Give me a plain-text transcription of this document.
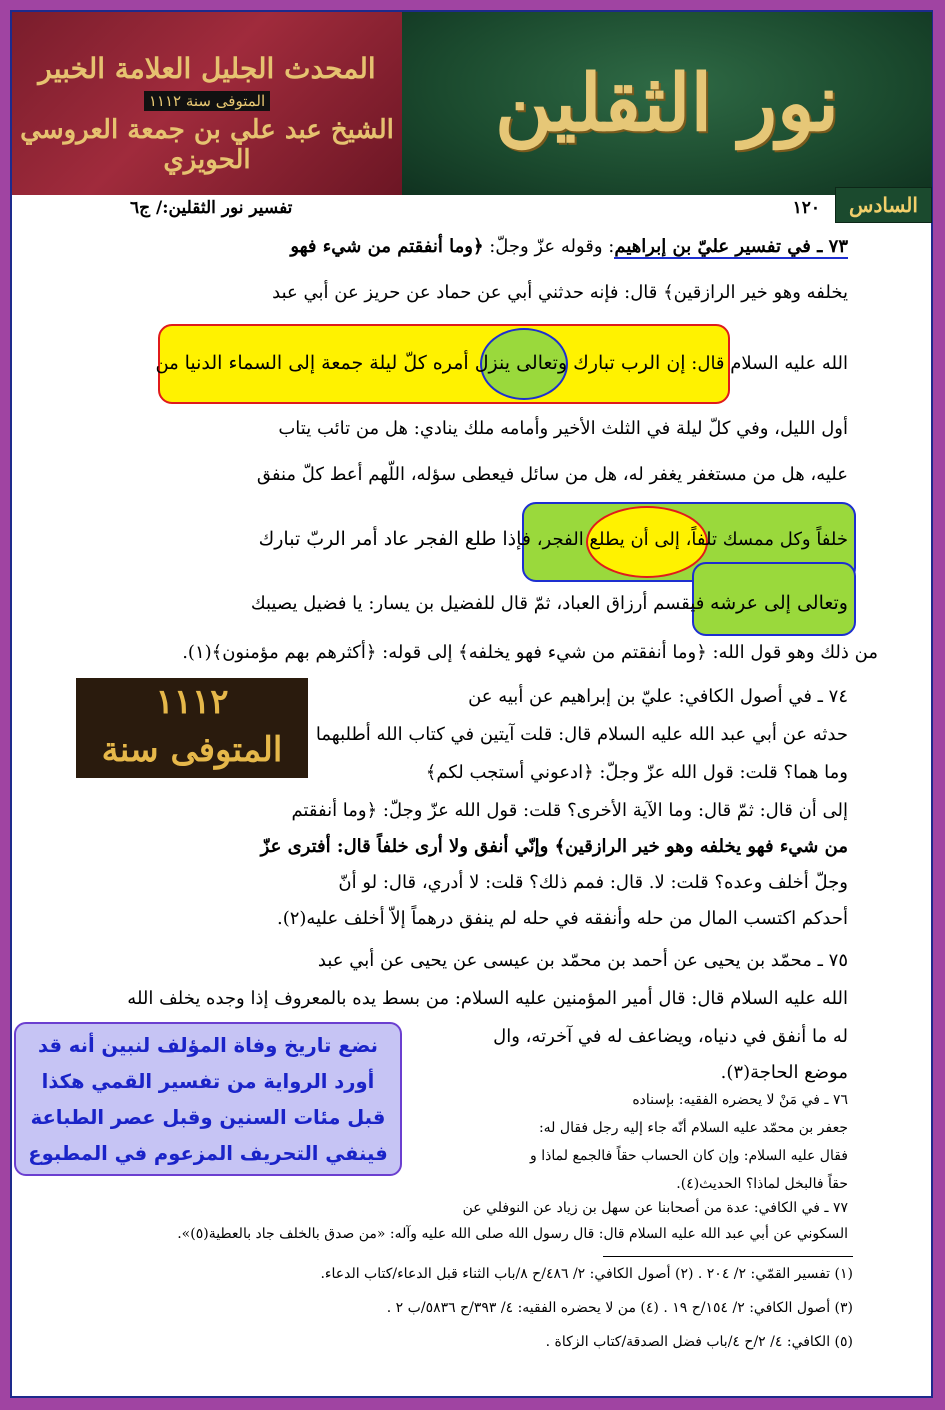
المحدث الجليل العلامة الخبير
المتوفى سنة ١١١٢
الشيخ عبد علي بن جمعة العروسي الحويزي
نور الثقلين
السادس
١٢٠
تفسير نور الثقلين:/ ج٦
٧٣ ـ في تفسير عليّ بن إبراهيم: وقوله عزّ وجلّ: ﴿وما أنفقتم من شيء فهو
يخلفه وهو خير الرازقين﴾ قال: فإنه حدثني أبي عن حماد عن حريز عن أبي عبد
الله عليه السلام قال: إن الرب تبارك وتعالى ينزل أمره كلّ ليلة جمعة إلى السماء الدنيا من
أول الليل، وفي كلّ ليلة في الثلث الأخير وأمامه ملك ينادي: هل من تائب يتاب
عليه، هل من مستغفر يغفر له، هل من سائل فيعطى سؤله، اللّهم أعط كلّ منفق
خلفاً وكل ممسك تلفاً، إلى أن يطلع الفجر، فإذا طلع الفجر عاد أمر الربّ تبارك
وتعالى إلى عرشه فيقسم أرزاق العباد، ثمّ قال للفضيل بن يسار: يا فضيل يصيبك
من ذلك وهو قول الله: ﴿وما أنفقتم من شيء فهو يخلفه﴾ إلى قوله: ﴿أكثرهم بهم مؤمنون﴾(١).
٧٤ ـ في أصول الكافي: عليّ بن إبراهيم عن أبيه عن
حدثه عن أبي عبد الله عليه السلام قال: قلت آيتين في كتاب الله أطلبهما
وما هما؟ قلت: قول الله عزّ وجلّ: ﴿ادعوني أستجب لكم﴾
إلى أن قال: ثمّ قال: وما الآية الأخرى؟ قلت: قول الله عزّ وجلّ: ﴿وما أنفقتم
من شيء فهو يخلفه وهو خير الرازقين﴾ وإنّي أنفق ولا أرى خلفاً قال: أفترى عزّ
وجلّ أخلف وعده؟ قلت: لا. قال: فمم ذلك؟ قلت: لا أدري، قال: لو أنّ
أحدكم اكتسب المال من حله وأنفقه في حله لم ينفق درهماً إلاّ أخلف عليه(٢).
٧٥ ـ محمّد بن يحيى عن أحمد بن محمّد بن عيسى عن يحيى عن أبي عبد
الله عليه السلام قال: قال أمير المؤمنين عليه السلام: من بسط يده بالمعروف إذا وجده يخلف الله
له ما أنفق في دنياه، ويضاعف له في آخرته، وال
موضع الحاجة(٣).
٧٦ ـ في مَنْ لا يحضره الفقيه: بإسناده
جعفر بن محمّد عليه السلام أنّه جاء إليه رجل فقال له:
فقال عليه السلام: وإن كان الحساب حقاً فالجمع لماذا و
حقاً فالبخل لماذا؟ الحديث(٤).
٧٧ ـ في الكافي: عدة من أصحابنا عن سهل بن زياد عن النوفلي عن
السكوني عن أبي عبد الله عليه السلام قال: قال رسول الله صلى الله عليه وآله: «من صدق بالخلف جاد بالعطية(٥)».
١١١٢
المتوفى سنة
نضع تاريخ وفاة المؤلف لنبين أنه قد
أورد الرواية من تفسير القمي هكذا
قبل مئات السنين وقبل عصر الطباعة
فينفي التحريف المزعوم في المطبوع
(١) تفسير القمّي: ٢/ ٢٠٤ . (٢) أصول الكافي: ٢/ ٤٨٦/ح ٨/باب الثناء قبل الدعاء/كتاب الدعاء.
(٣) أصول الكافي: ٢/ ١٥٤/ح ١٩ . (٤) من لا يحضره الفقيه: ٤/ ٣٩٣/ح ٥٨٣٦/ب ٢ .
(٥) الكافي: ٤/ ٢/ح ٤/باب فضل الصدقة/كتاب الزكاة .
